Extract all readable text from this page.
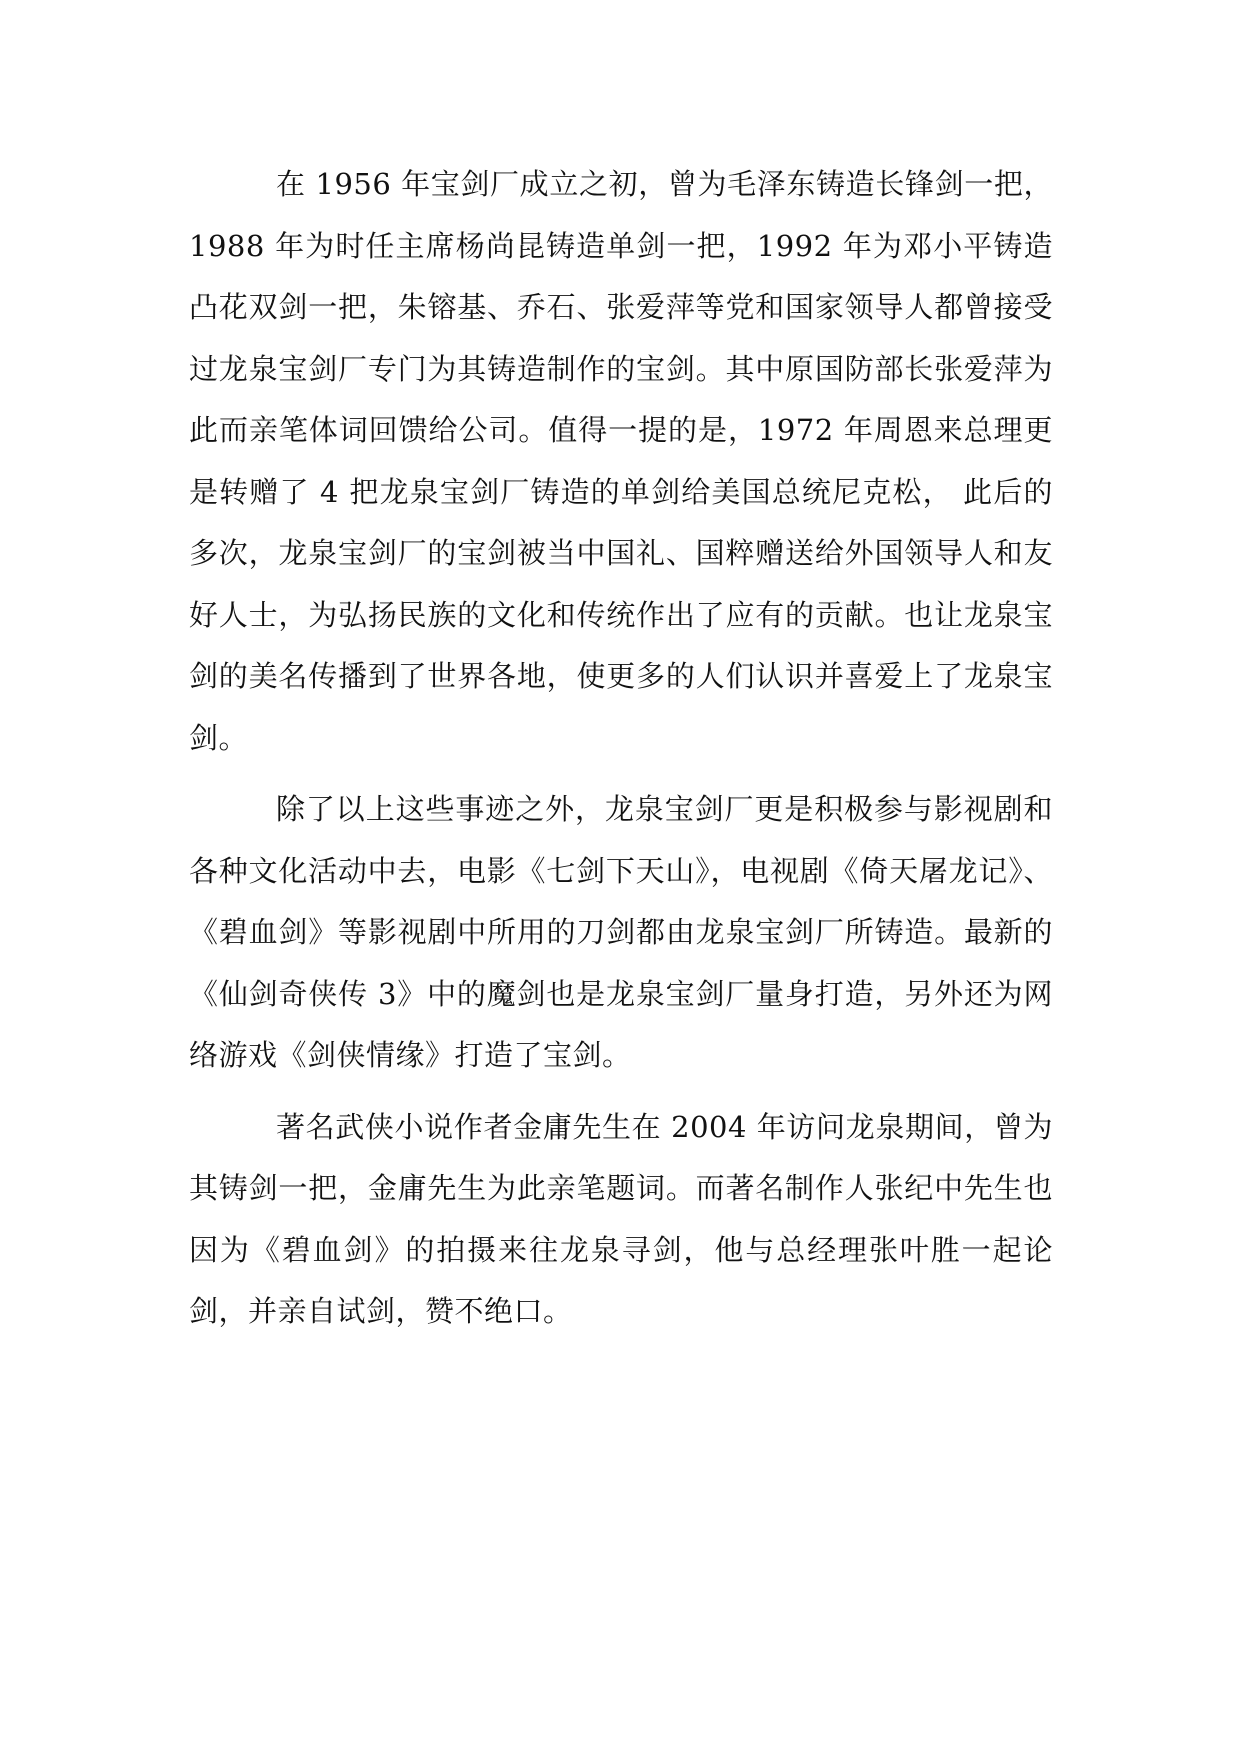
在 1956 年宝剑厂成立之初，曾为毛泽东铸造长锋剑一把，1988 年为时任主席杨尚昆铸造单剑一把，1992 年为邓小平铸造凸花双剑一把，朱镕基、乔石、张爱萍等党和国家领导人都曾接受过龙泉宝剑厂专门为其铸造制作的宝剑。其中原国防部长张爱萍为此而亲笔体词回馈给公司。值得一提的是，1972 年周恩来总理更是转赠了 4 把龙泉宝剑厂铸造的单剑给美国总统尼克松， 此后的多次，龙泉宝剑厂的宝剑被当中国礼、国粹赠送给外国领导人和友好人士，为弘扬民族的文化和传统作出了应有的贡献。也让龙泉宝剑的美名传播到了世界各地，使更多的人们认识并喜爱上了龙泉宝剑。

除了以上这些事迹之外，龙泉宝剑厂更是积极参与影视剧和各种文化活动中去，电影《七剑下天山》，电视剧《倚天屠龙记》、《碧血剑》等影视剧中所用的刀剑都由龙泉宝剑厂所铸造。最新的《仙剑奇侠传 3》中的魔剑也是龙泉宝剑厂量身打造，另外还为网络游戏《剑侠情缘》打造了宝剑。

著名武侠小说作者金庸先生在 2004 年访问龙泉期间，曾为其铸剑一把，金庸先生为此亲笔题词。而著名制作人张纪中先生也因为《碧血剑》的拍摄来往龙泉寻剑，他与总经理张叶胜一起论剑，并亲自试剑，赞不绝口。
